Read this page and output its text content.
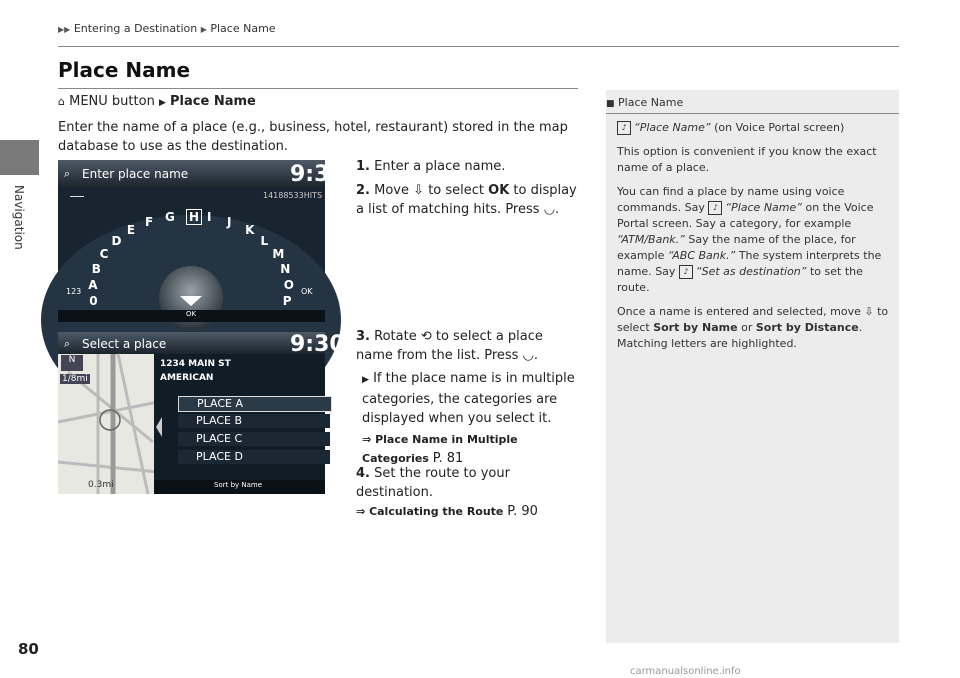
Navigation
▶▶ Entering a Destination ▶ Place Name
Place Name
⌂ MENU button ▶ Place Name
Enter the name of a place (e.g., business, hotel, restaurant) stored in the map database to use as the destination.
⌕ Enter place name	9:30
14188533HITS
0
A
B
C
D
E
F G H I J
K
L
M
N
O
P
123	OK
OK
⌕ Select a place	9:30
N
1/8mi
1234 MAIN ST
AMERICAN
PLACE A
PLACE B
PLACE C
PLACE D
Sort by Name
0.3mi
1. Enter a place name.
2. Move ⇩ to select OK to display a list of matching hits. Press ◡.
3. Rotate ⟲ to select a place name from the list. Press ◡.
▶ If the place name is in multiple categories, the categories are displayed when you select it.
⇒ Place Name in Multiple Categories P. 81
4. Set the route to your destination.
⇒ Calculating the Route P. 90
■ Place Name

♪ “Place Name” (on Voice Portal screen)

This option is convenient if you know the exact name of a place.

You can find a place by name using voice commands. Say ♪ “Place Name” on the Voice Portal screen. Say a category, for example “ATM/Bank.” Say the name of the place, for example “ABC Bank.” The system interprets the name. Say ♪ “Set as destination” to set the route.

Once a name is entered and selected, move ⇩ to select Sort by Name or Sort by Distance. Matching letters are highlighted.

80
carmanualsonline.info
